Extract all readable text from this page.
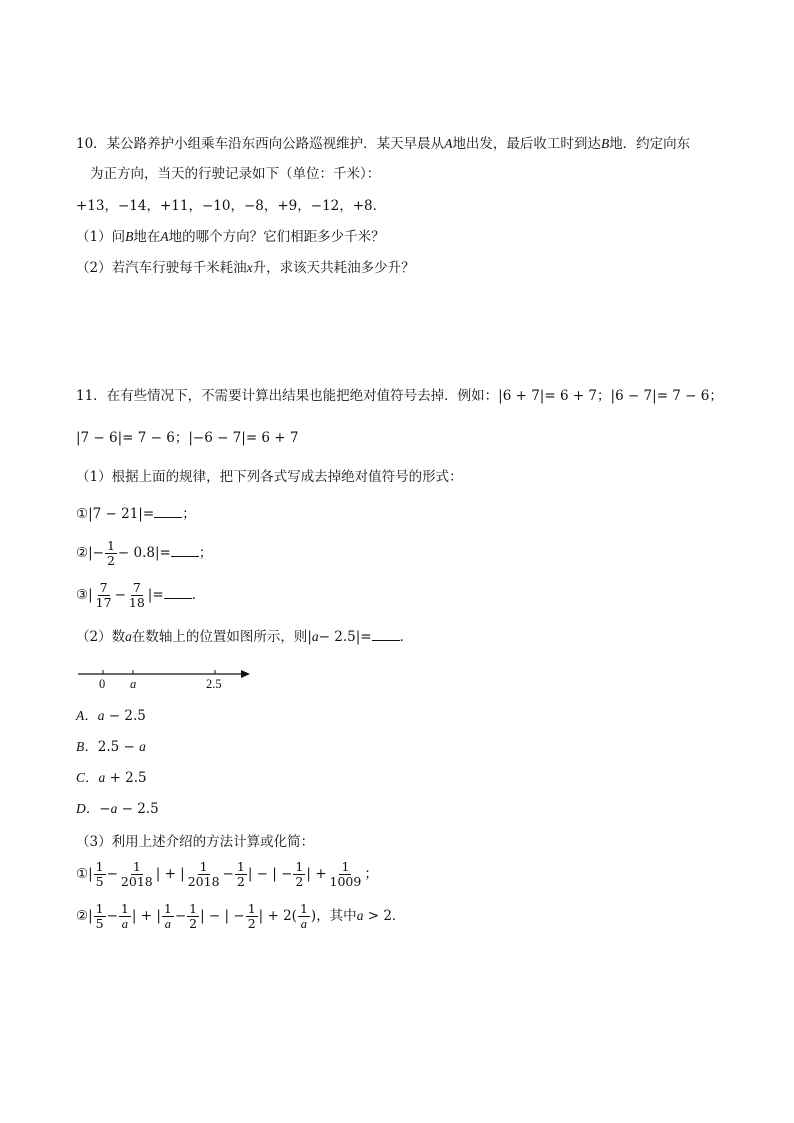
10．某公路养护小组乘车沿东西向公路巡视维护．某天早晨从A地出发，最后收工时到达B地．约定向东
为正方向，当天的行驶记录如下（单位：千米）：
+13，−14，+11，−10，−8，+9，−12，+8．
（1）问B地在A地的哪个方向？它们相距多少千米？
（2）若汽车行驶每千米耗油x升，求该天共耗油多少升？
11．在有些情况下，不需要计算出结果也能把绝对值符号去掉．例如：|6 + 7|= 6 + 7；|6 − 7|= 7 − 6；
|7 − 6|= 7 − 6；|−6 − 7|= 6 + 7
（1）根据上面的规律，把下列各式写成去掉绝对值符号的形式：
①|7 − 21|= ；
②|− $\frac{1}{2} - 0.8|=$ ；
③| $\frac{7}{17} - \frac{7}{18}$ |= ．
（2）数a在数轴上的位置如图所示，则|a− 2.5|= ．
0 a	2.5
A．a − 2.5
B．2.5 − a
C．a + 2.5
D．−a − 2.5
（3）利用上述介绍的方法计算或化简：
①| $\frac{1}{5} - \frac{1}{2018}$ | + | $\frac{1}{2018} - \frac{1}{2}$ | − | − $\frac{1}{2}$ | + $\frac{1}{1009}$ ；
②| $\frac{1}{5} - \frac{1}{a}$ | + | $\frac{1}{a} - \frac{1}{2}$ | − | − $\frac{1}{2}$ | + $2( \frac{1}{a}$ )，其中a > 2．
